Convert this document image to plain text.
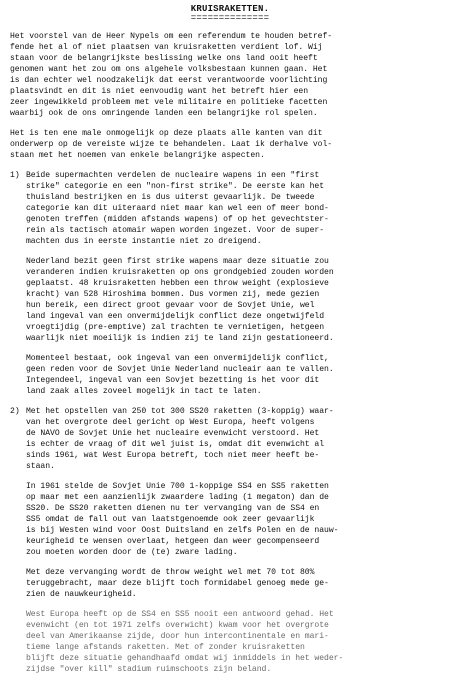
KRUISRAKETTEN.
==============

Het voorstel van de Heer Nypels om een referendum te houden betref-
fende het al of niet plaatsen van kruisraketten verdient lof. Wij
staan voor de belangrijkste beslissing welke ons land ooit heeft
genomen want het zou om ons algehele volksbestaan kunnen gaan. Het
is dan echter wel noodzakelijk dat eerst verantwoorde voorlichting
plaatsvindt en dit is niet eenvoudig want het betreft hier een
zeer ingewikkeld probleem met vele militaire en politieke facetten
waarbij ook de ons omringende landen een belangrijke rol spelen.

Het is ten ene male onmogelijk op deze plaats alle kanten van dit
onderwerp op de vereiste wijze te behandelen. Laat ik derhalve vol-
staan met het noemen van enkele belangrijke aspecten.

1) Beide supermachten verdelen de nucleaire wapens in een "first
strike" categorie en een "non-first strike". De eerste kan het
thuisland bestrijken en is dus uiterst gevaarlijk. De tweede
categorie kan dit uiteraard niet maar kan wel een of meer bond-
genoten treffen (midden afstands wapens) of op het gevechtster-
rein als tactisch atomair wapen worden ingezet. Voor de super-
machten dus in eerste instantie niet zo dreigend.

Nederland bezit geen first strike wapens maar deze situatie zou
veranderen indien kruisraketten op ons grondgebied zouden worden
geplaatst. 48 kruisraketten hebben een throw weight (explosieve
kracht) van 528 Hiroshima bommen. Dus vormen zij, mede gezien
hun bereik, een direct groot gevaar voor de Sovjet Unie, wel
land ingeval van een onvermijdelijk conflict deze ongetwijfeld
vroegtijdig (pre-emptive) zal trachten te vernietigen, hetgeen
waarlijk niet moeilijk is indien zij te land zijn gestationeerd.

Momenteel bestaat, ook ingeval van een onvermijdelijk conflict,
geen reden voor de Sovjet Unie Nederland nucleair aan te vallen.
Integendeel, ingeval van een Sovjet bezetting is het voor dit
land zaak alles zoveel mogelijk in tact te laten.

2) Met het opstellen van 250 tot 300 SS20 raketten (3-koppig) waar-
van het overgrote deel gericht op West Europa, heeft volgens
de NAVO de Sovjet Unie het nucleaire evenwicht verstoord. Het
is echter de vraag of dit wel juist is, omdat dit evenwicht al
sinds 1961, wat West Europa betreft, toch niet meer heeft be-
staan.

In 1961 stelde de Sovjet Unie 700 1-koppige SS4 en SS5 raketten
op maar met een aanzienlijk zwaardere lading (1 megaton) dan de
SS20. De SS20 raketten dienen nu ter vervanging van de SS4 en
SS5 omdat de fall out van laatstgenoemde ook zeer gevaarlijk
is bij Westen wind voor Oost Duitsland en zelfs Polen en de nauw-
keurigheid te wensen overlaat, hetgeen dan weer gecompenseerd
zou moeten worden door de (te) zware lading.

Met deze vervanging wordt de throw weight wel met 70 tot 80%
teruggebracht, maar deze blijft toch formidabel genoeg mede ge-
zien de nauwkeurigheid.

West Europa heeft op de SS4 en SS5 nooit een antwoord gehad. Het
evenwicht (en tot 1971 zelfs overwicht) kwam voor het overgrote
deel van Amerikaanse zijde, door hun intercontinentale en mari-
tieme lange afstands raketten. Met of zonder kruisraketten
blijft deze situatie gehandhaafd omdat wij inmiddels in het weder-
zijdse "over kill" stadium ruimschoots zijn beland.
